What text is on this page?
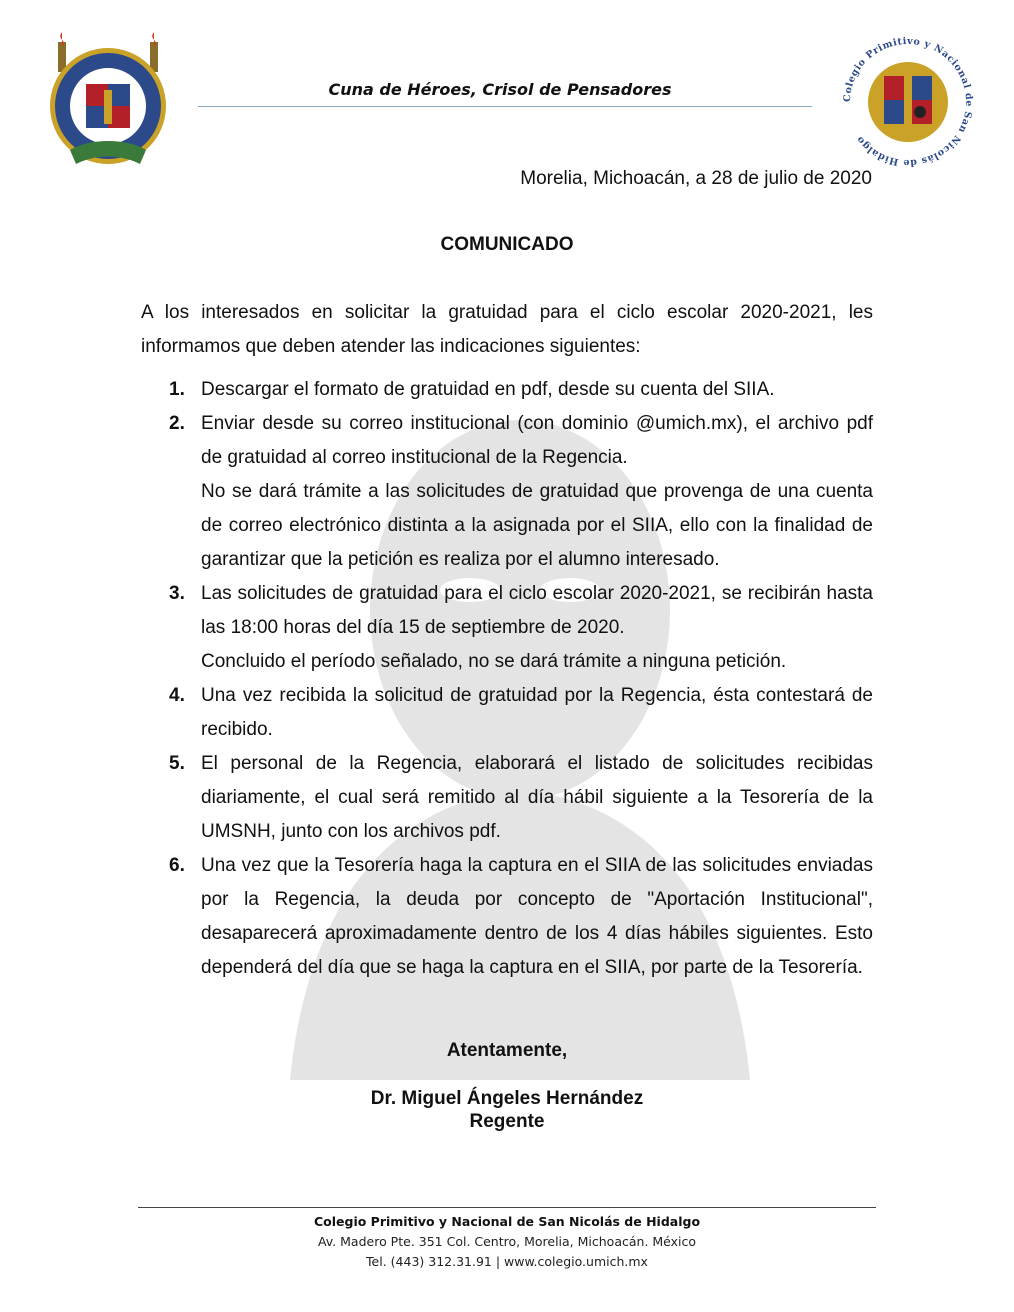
Colegio Primitivo y Nacional de San Nicolás de Hidalgo
Cuna de Héroes, Crisol de Pensadores
Morelia, Michoacán, a 28 de julio de 2020
COMUNICADO
A los interesados en solicitar la gratuidad para el ciclo escolar 2020-2021, les informamos que deben atender las indicaciones siguientes:
1. Descargar el formato de gratuidad en pdf, desde su cuenta del SIIA.

2. Enviar desde su correo institucional (con dominio @umich.mx), el archivo pdf de gratuidad al correo institucional de la Regencia.

No se dará trámite a las solicitudes de gratuidad que provenga de una cuenta de correo electrónico distinta a la asignada por el SIIA, ello con la finalidad de garantizar que la petición es realiza por el alumno interesado.

3. Las solicitudes de gratuidad para el ciclo escolar 2020-2021, se recibirán hasta las 18:00 horas del día 15 de septiembre de 2020.

Concluido el período señalado, no se dará trámite a ninguna petición.

4. Una vez recibida la solicitud de gratuidad por la Regencia, ésta contestará de recibido.

5. El personal de la Regencia, elaborará el listado de solicitudes recibidas diariamente, el cual será remitido al día hábil siguiente a la Tesorería de la UMSNH, junto con los archivos pdf.

6. Una vez que la Tesorería haga la captura en el SIIA de las solicitudes enviadas por la Regencia, la deuda por concepto de "Aportación Institucional", desaparecerá aproximadamente dentro de los 4 días hábiles siguientes. Esto dependerá del día que se haga la captura en el SIIA, por parte de la Tesorería.

Atentamente,
Dr. Miguel Ángeles Hernández
Regente
Colegio Primitivo y Nacional de San Nicolás de Hidalgo
Av. Madero Pte. 351 Col. Centro, Morelia, Michoacán. México
Tel. (443) 312.31.91 | www.colegio.umich.mx
